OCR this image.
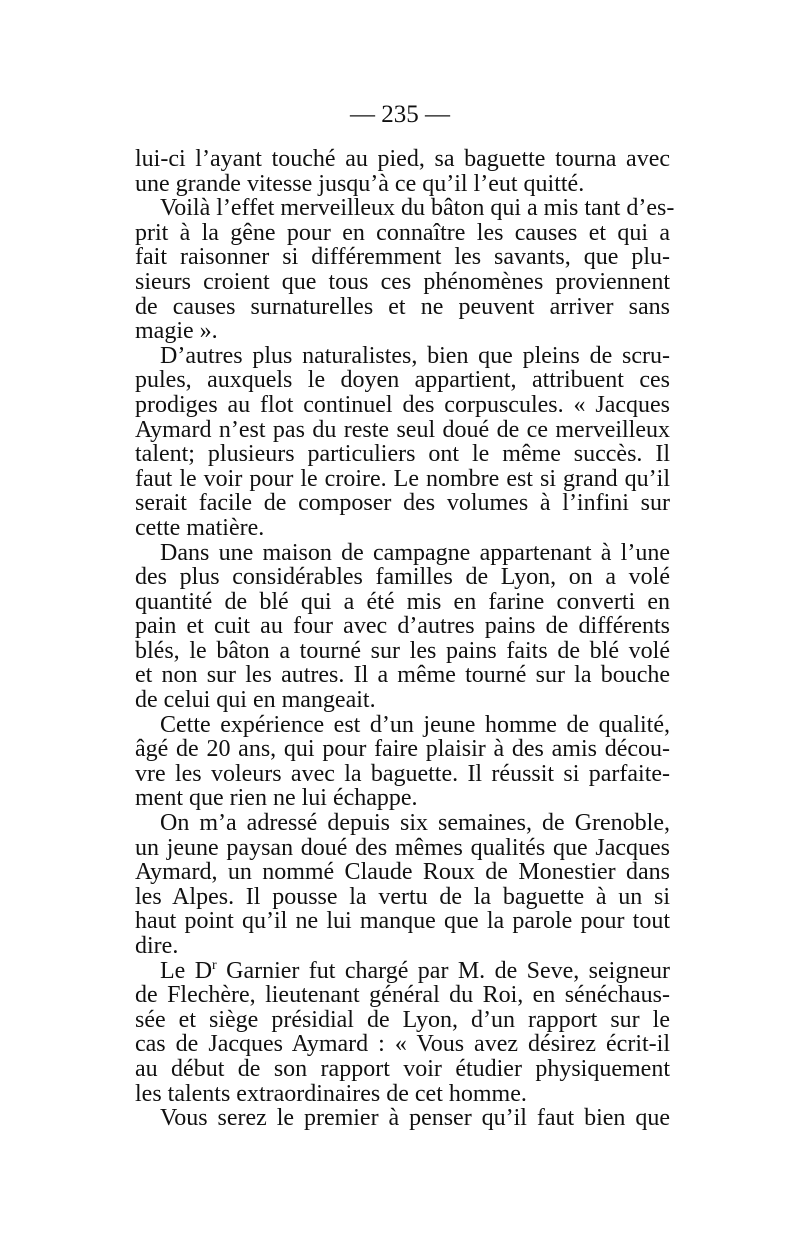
— 235 —
lui-ci l’ayant touché au pied, sa baguette tourna avec
une grande vitesse jusqu’à ce qu’il l’eut quitté.
Voilà l’effet merveilleux du bâton qui a mis tant d’es-
prit à la gêne pour en connaître les causes et qui a
fait raisonner si différemment les savants, que plu-
sieurs croient que tous ces phénomènes proviennent
de causes surnaturelles et ne peuvent arriver sans
magie ».
D’autres plus naturalistes, bien que pleins de scru-
pules, auxquels le doyen appartient, attribuent ces
prodiges au flot continuel des corpuscules. « Jacques
Aymard n’est pas du reste seul doué de ce merveilleux
talent; plusieurs particuliers ont le même succès. Il
faut le voir pour le croire. Le nombre est si grand qu’il
serait facile de composer des volumes à l’infini sur
cette matière.
Dans une maison de campagne appartenant à l’une
des plus considérables familles de Lyon, on a volé
quantité de blé qui a été mis en farine converti en
pain et cuit au four avec d’autres pains de différents
blés, le bâton a tourné sur les pains faits de blé volé
et non sur les autres. Il a même tourné sur la bouche
de celui qui en mangeait.
Cette expérience est d’un jeune homme de qualité,
âgé de 20 ans, qui pour faire plaisir à des amis décou-
vre les voleurs avec la baguette. Il réussit si parfaite-
ment que rien ne lui échappe.
On m’a adressé depuis six semaines, de Grenoble,
un jeune paysan doué des mêmes qualités que Jacques
Aymard, un nommé Claude Roux de Monestier dans
les Alpes. Il pousse la vertu de la baguette à un si
haut point qu’il ne lui manque que la parole pour tout
dire.
Le $D^r$ Garnier fut chargé par M. de Seve, seigneur
de Flechère, lieutenant général du Roi, en sénéchaus-
sée et siège présidial de Lyon, d’un rapport sur le
cas de Jacques Aymard : « Vous avez désirez écrit-il
au début de son rapport voir étudier physiquement
les talents extraordinaires de cet homme.
Vous serez le premier à penser qu’il faut bien que
